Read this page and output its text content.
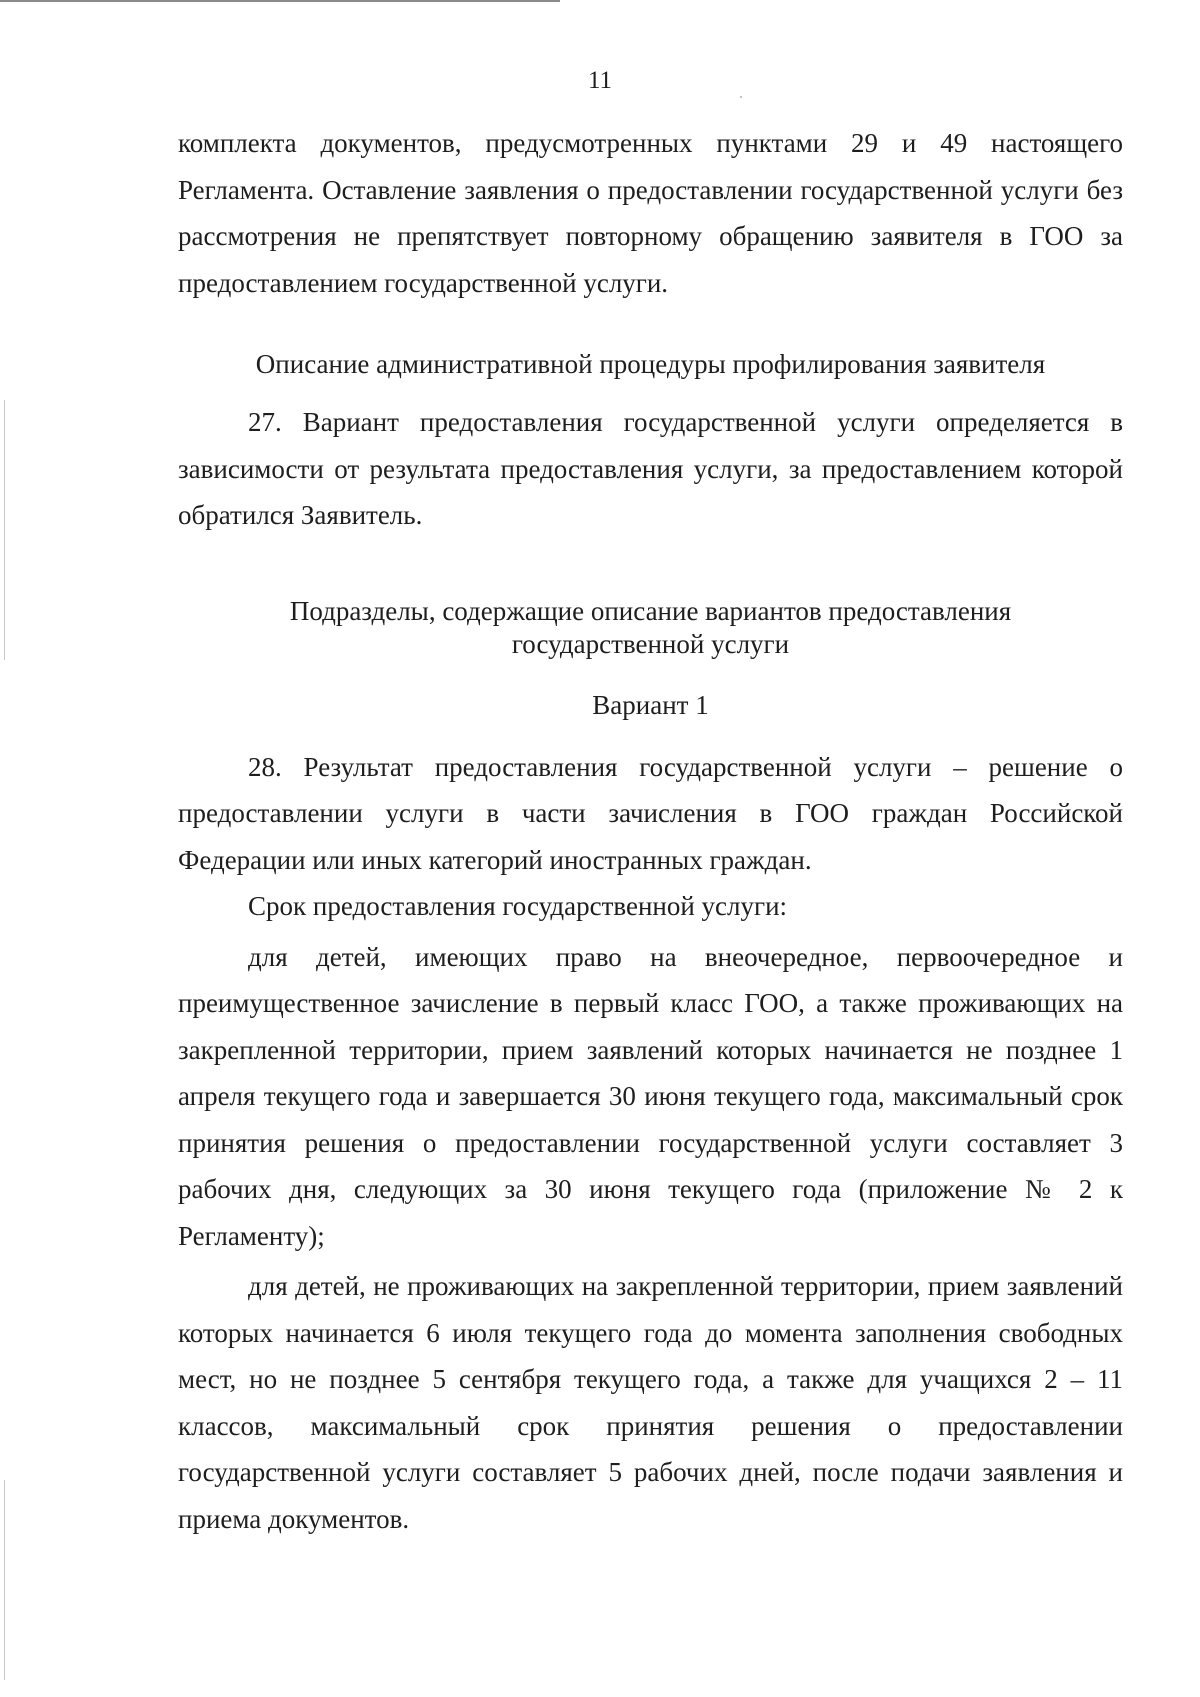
11

комплекта документов, предусмотренных пунктами 29 и 49 настоящего Регламента. Оставление заявления о предоставлении государственной услуги без рассмотрения не препятствует повторному обращению заявителя в ГОО за предоставлением государственной услуги.

Описание административной процедуры профилирования заявителя

27. Вариант предоставления государственной услуги определяется в зависимости от результата предоставления услуги, за предоставлением которой обратился Заявитель.

Подразделы, содержащие описание вариантов предоставления
государственной услуги
Вариант 1

28. Результат предоставления государственной услуги – решение о предоставлении услуги в части зачисления в ГОО граждан Российской Федерации или иных категорий иностранных граждан.

Срок предоставления государственной услуги:

для детей, имеющих право на внеочередное, первоочередное и преимущественное зачисление в первый класс ГОО, а также проживающих на закрепленной территории, прием заявлений которых начинается не позднее 1 апреля текущего года и завершается 30 июня текущего года, максимальный срок принятия решения о предоставлении государственной услуги составляет 3 рабочих дня, следующих за 30 июня текущего года (приложение № 2 к Регламенту);

для детей, не проживающих на закрепленной территории, прием заявлений которых начинается 6 июля текущего года до момента заполнения свободных мест, но не позднее 5 сентября текущего года, а также для учащихся 2 – 11 классов, максимальный срок принятия решения о предоставлении государственной услуги составляет 5 рабочих дней, после подачи заявления и приема документов.
